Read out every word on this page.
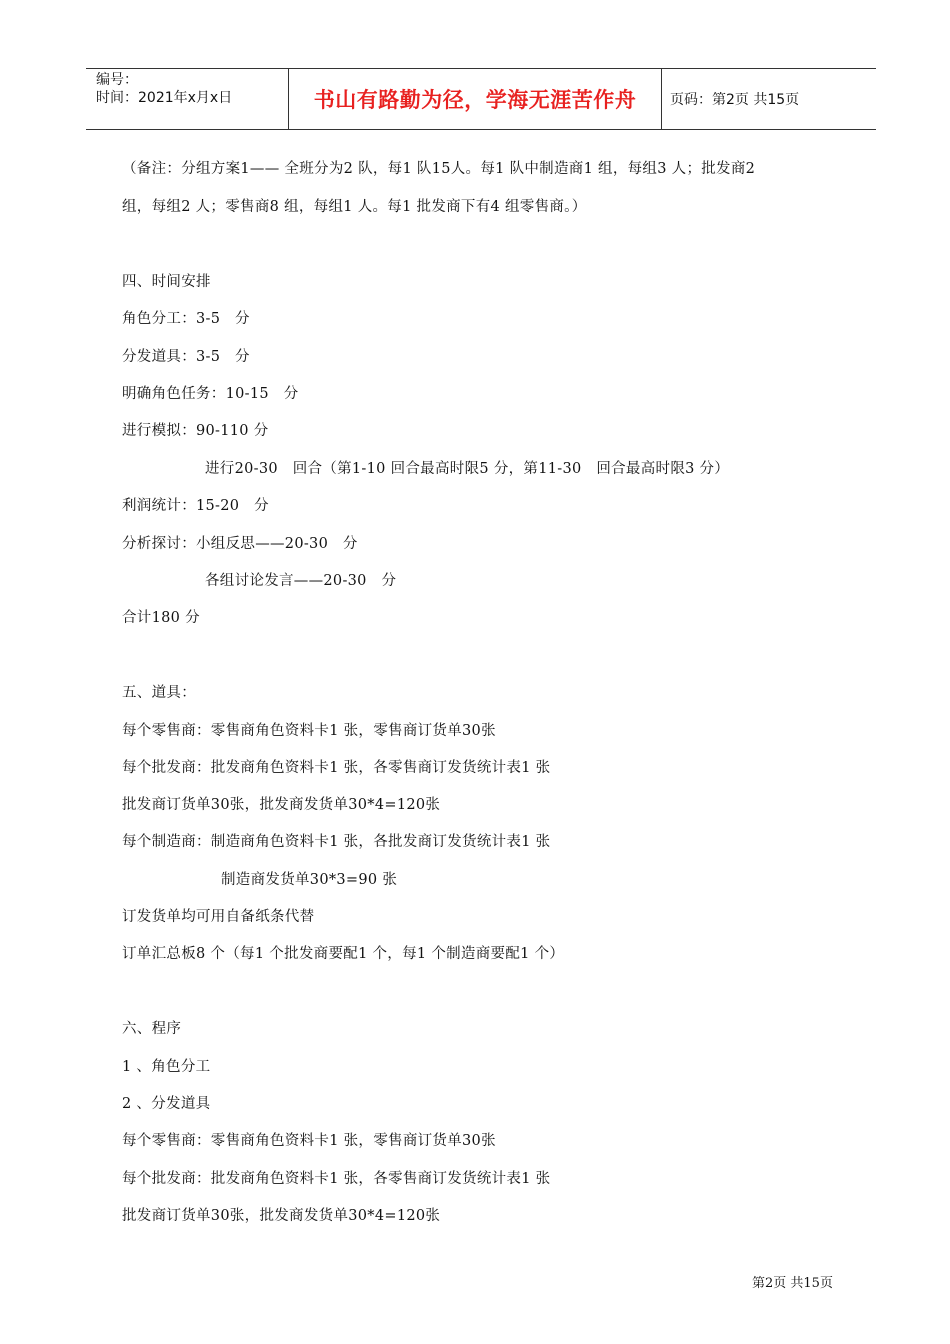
编号：
时间：2021年x月x日	书山有路勤为径，学海无涯苦作舟 页码：第2页 共15页
（备注：分组方案1—— 全班分为2 队，每1 队15人。每1 队中制造商1 组，每组3 人；批发商2
组，每组2 人；零售商8 组，每组1 人。每1 批发商下有4 组零售商。）
四、时间安排
角色分工：3-5　分
分发道具：3-5　分
明确角色任务：10-15　分
进行模拟：90-110 分
进行20-30　回合（第1-10 回合最高时限5 分，第11-30　回合最高时限3 分）
利润统计：15-20　分
分析探讨：小组反思——20-30　分
各组讨论发言——20-30　分
合计180 分
五、道具：
每个零售商：零售商角色资料卡1 张，零售商订货单30张
每个批发商：批发商角色资料卡1 张，各零售商订发货统计表1 张
批发商订货单30张，批发商发货单30*4=120张
每个制造商：制造商角色资料卡1 张，各批发商订发货统计表1 张
制造商发货单30*3=90 张
订发货单均可用自备纸条代替
订单汇总板8 个（每1 个批发商要配1 个，每1 个制造商要配1 个）
六、程序
1 、角色分工
2 、分发道具
每个零售商：零售商角色资料卡1 张，零售商订货单30张
每个批发商：批发商角色资料卡1 张，各零售商订发货统计表1 张
批发商订货单30张，批发商发货单30*4=120张
第2页 共15页
